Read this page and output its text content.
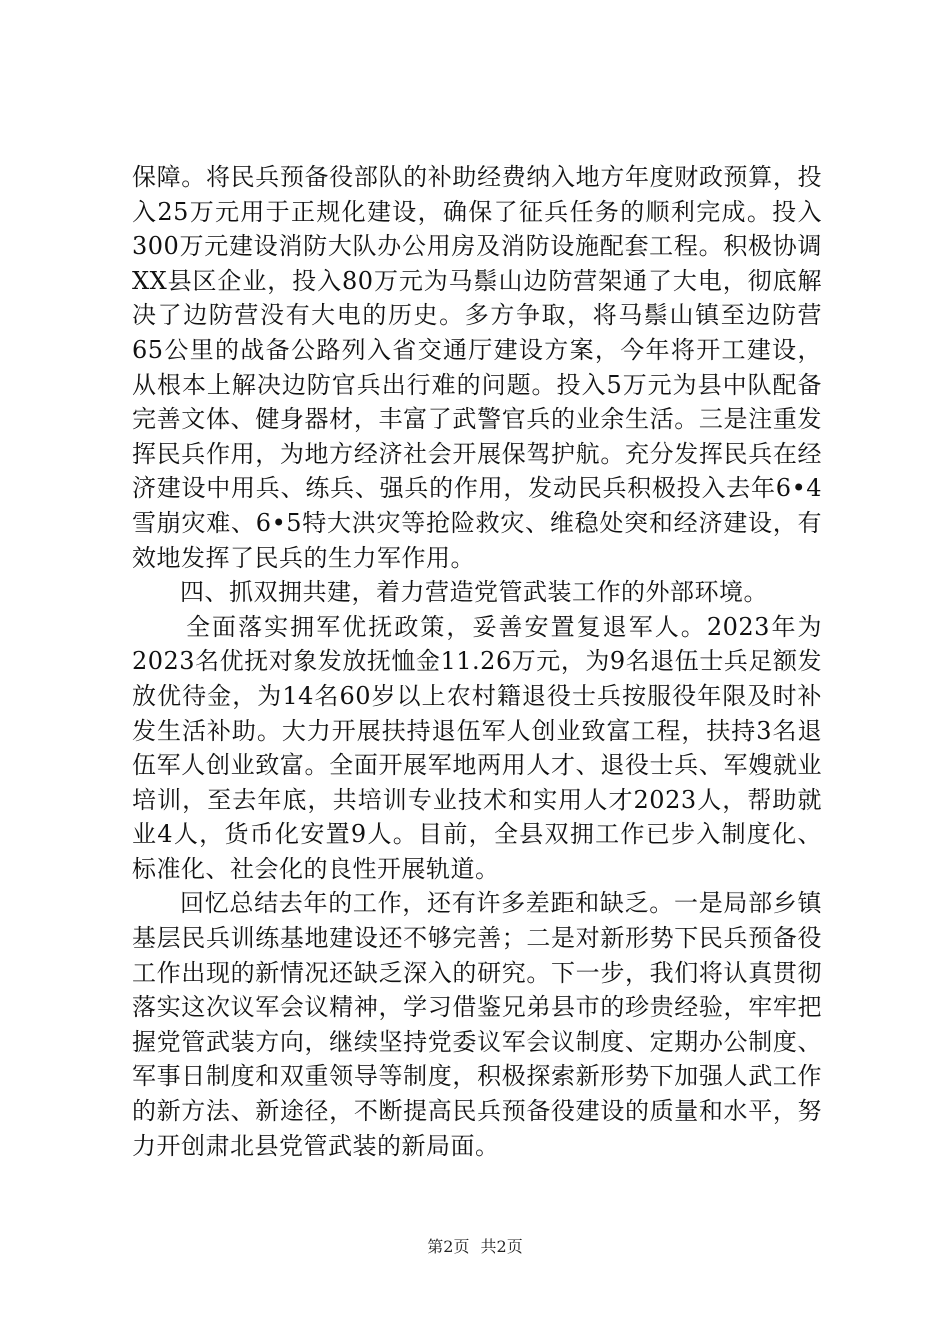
保障。将民兵预备役部队的补助经费纳入地方年度财政预算，投入25万元用于正规化建设，确保了征兵任务的顺利完成。投入300万元建设消防大队办公用房及消防设施配套工程。积极协调XX县区企业，投入80万元为马鬃山边防营架通了大电，彻底解决了边防营没有大电的历史。多方争取，将马鬃山镇至边防营65公里的战备公路列入省交通厅建设方案，今年将开工建设，从根本上解决边防官兵出行难的问题。投入5万元为县中队配备完善文体、健身器材，丰富了武警官兵的业余生活。三是注重发挥民兵作用，为地方经济社会开展保驾护航。充分发挥民兵在经济建设中用兵、练兵、强兵的作用，发动民兵积极投入去年6•4雪崩灾难、6•5特大洪灾等抢险救灾、维稳处突和经济建设，有效地发挥了民兵的生力军作用。

四、抓双拥共建，着力营造党管武装工作的外部环境。

全面落实拥军优抚政策，妥善安置复退军人。2023年为2023名优抚对象发放抚恤金11.26万元，为9名退伍士兵足额发放优待金，为14名60岁以上农村籍退役士兵按服役年限及时补发生活补助。大力开展扶持退伍军人创业致富工程，扶持3名退伍军人创业致富。全面开展军地两用人才、退役士兵、军嫂就业培训，至去年底，共培训专业技术和实用人才2023人，帮助就业4人，货币化安置9人。目前，全县双拥工作已步入制度化、标准化、社会化的良性开展轨道。

回忆总结去年的工作，还有许多差距和缺乏。一是局部乡镇基层民兵训练基地建设还不够完善；二是对新形势下民兵预备役工作出现的新情况还缺乏深入的研究。下一步，我们将认真贯彻落实这次议军会议精神，学习借鉴兄弟县市的珍贵经验，牢牢把握党管武装方向，继续坚持党委议军会议制度、定期办公制度、军事日制度和双重领导等制度，积极探索新形势下加强人武工作的新方法、新途径，不断提高民兵预备役建设的质量和水平，努力开创肃北县党管武装的新局面。

第2页 共2页
